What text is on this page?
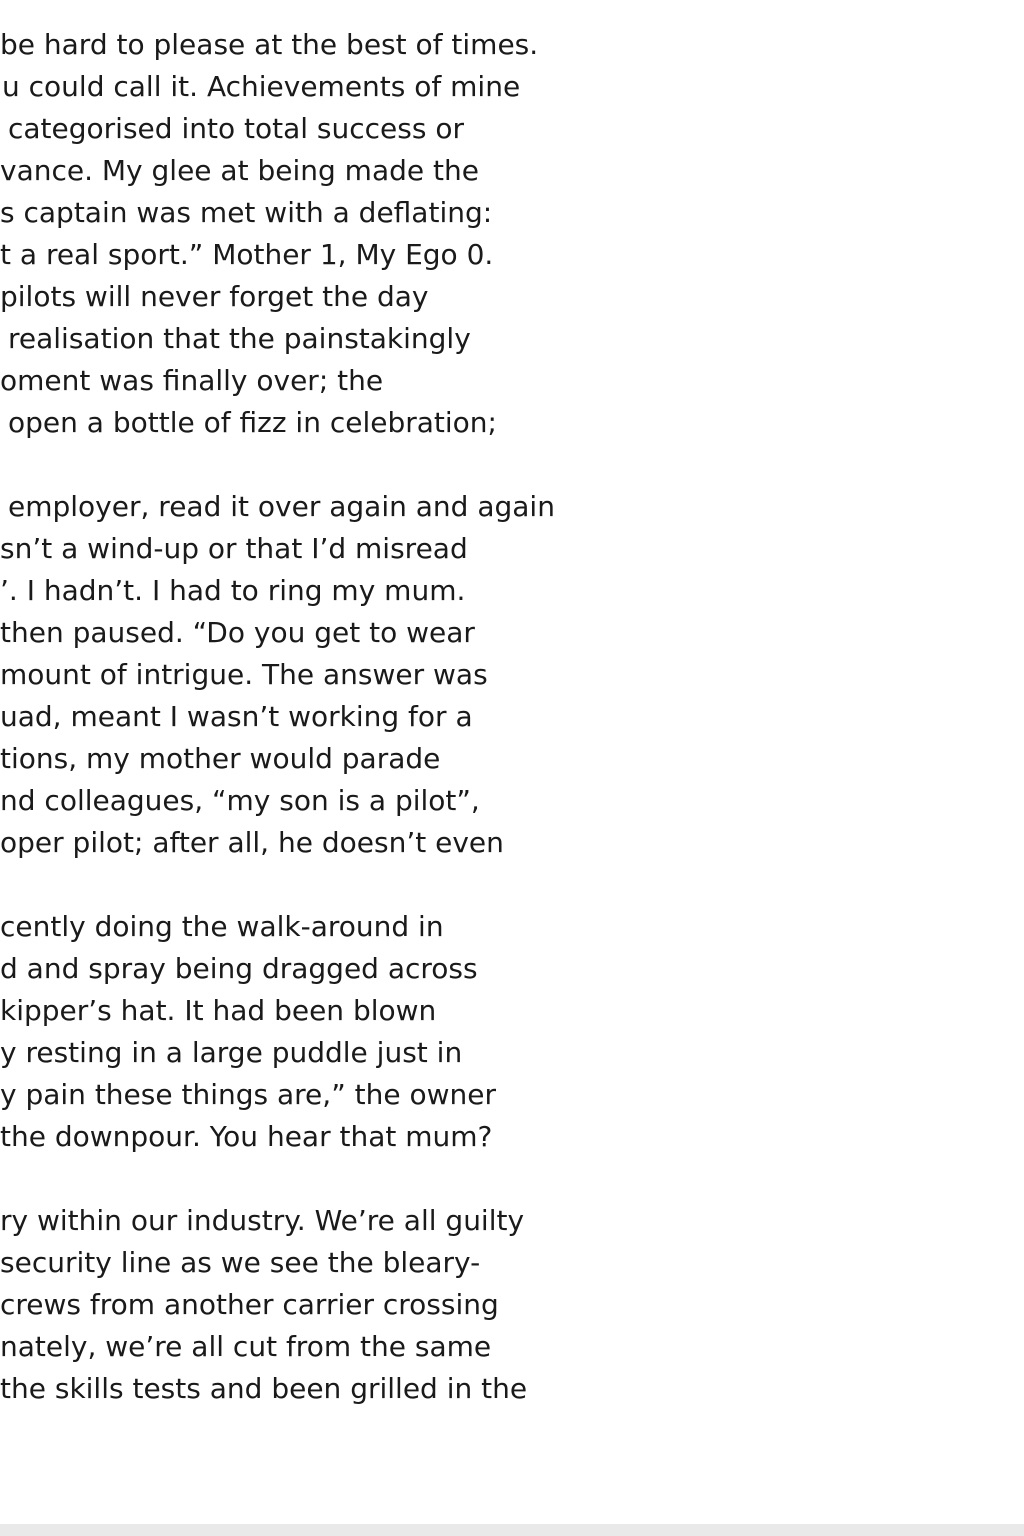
be hard to please at the best of times.
u could call it. Achievements of mine
categorised into total success or
vance. My glee at being made the
s captain was met with a deflating:
t a real sport.” Mother 1, My Ego 0.
pilots will never forget the day
realisation that the painstakingly
oment was finally over; the
open a bottle of fizz in celebration;
employer, read it over again and again
sn’t a wind-up or that I’d misread
’. I hadn’t. I had to ring my mum.
then paused. “Do you get to wear
mount of intrigue. The answer was
uad, meant I wasn’t working for a
tions, my mother would parade
nd colleagues, “my son is a pilot”,
oper pilot; after all, he doesn’t even
cently doing the walk-around in
d and spray being dragged across
kipper’s hat. It had been blown
y resting in a large puddle just in
y pain these things are,” the owner
the downpour. You hear that mum?
ry within our industry. We’re all guilty
security line as we see the bleary-
crews from another carrier crossing
nately, we’re all cut from the same
the skills tests and been grilled in the
